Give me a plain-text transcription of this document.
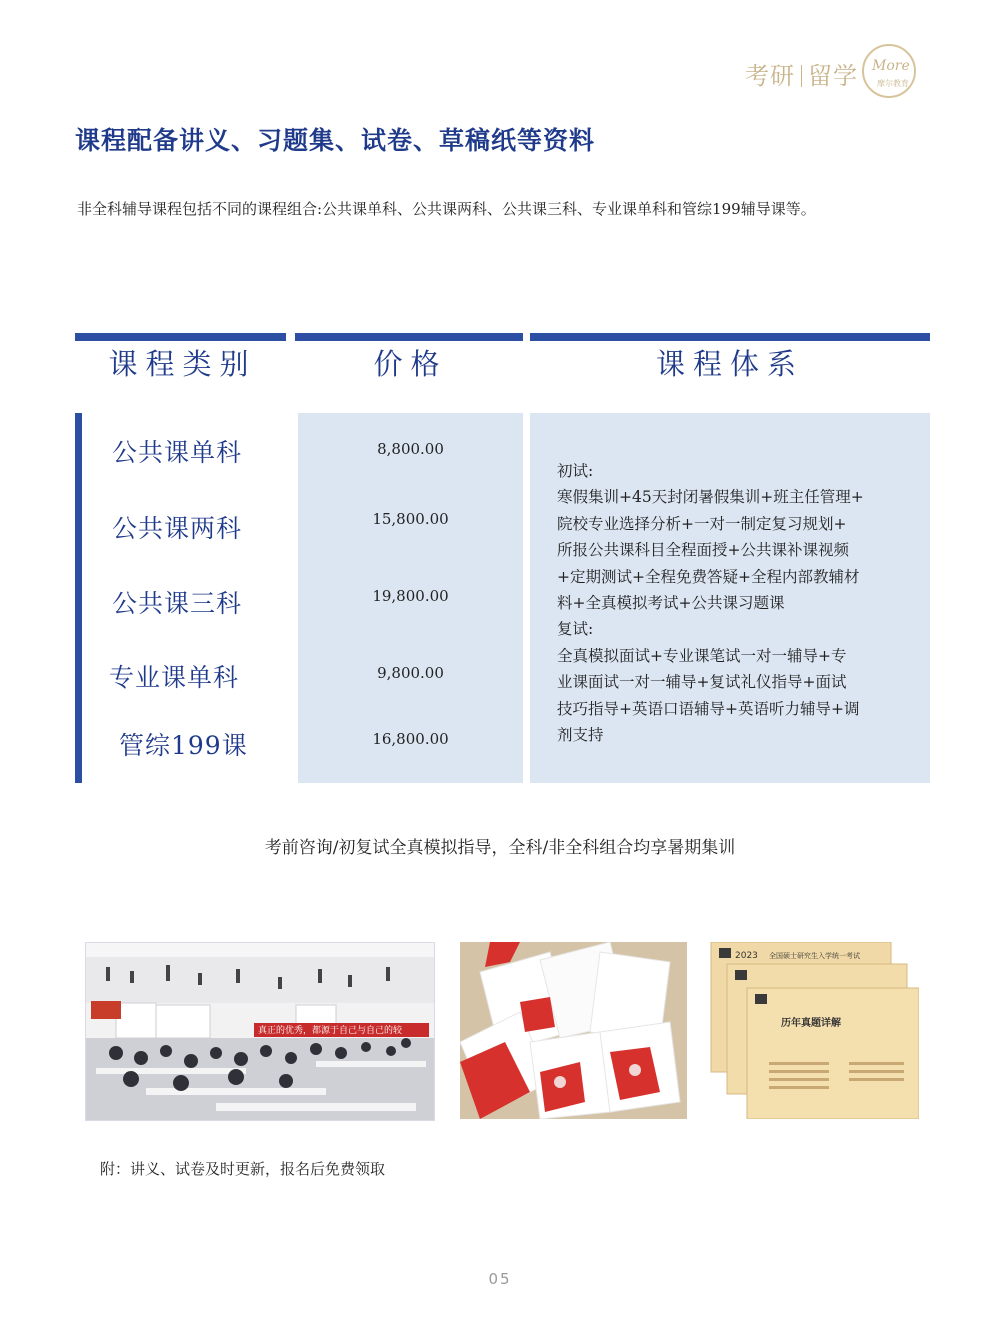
考研 留学 More
摩尔教育
课程配备讲义、习题集、试卷、草稿纸等资料
非全科辅导课程包括不同的课程组合:公共课单科、公共课两科、公共课三科、专业课单科和管综199辅导课等。
课程类别	价格	课程体系
公共课单科
公共课两科
公共课三科
专业课单科
管综199课
8,800.00
15,800.00
19,800.00
9,800.00
16,800.00
初试:
寒假集训+45天封闭暑假集训+班主任管理+
院校专业选择分析+一对一制定复习规划+
所报公共课科目全程面授+公共课补课视频
+定期测试+全程免费答疑+全程内部教辅材
料+全真模拟考试+公共课习题课
复试:
全真模拟面试+专业课笔试一对一辅导+专
业课面试一对一辅导+复试礼仪指导+面试
技巧指导+英语口语辅导+英语听力辅导+调
剂支持
考前咨询/初复试全真模拟指导，全科/非全科组合均享暑期集训
真正的优秀，都源于自己与自己的较
2023 全国硕士研究生入学统一考试
历年真题详解
附：讲义、试卷及时更新，报名后免费领取
05
